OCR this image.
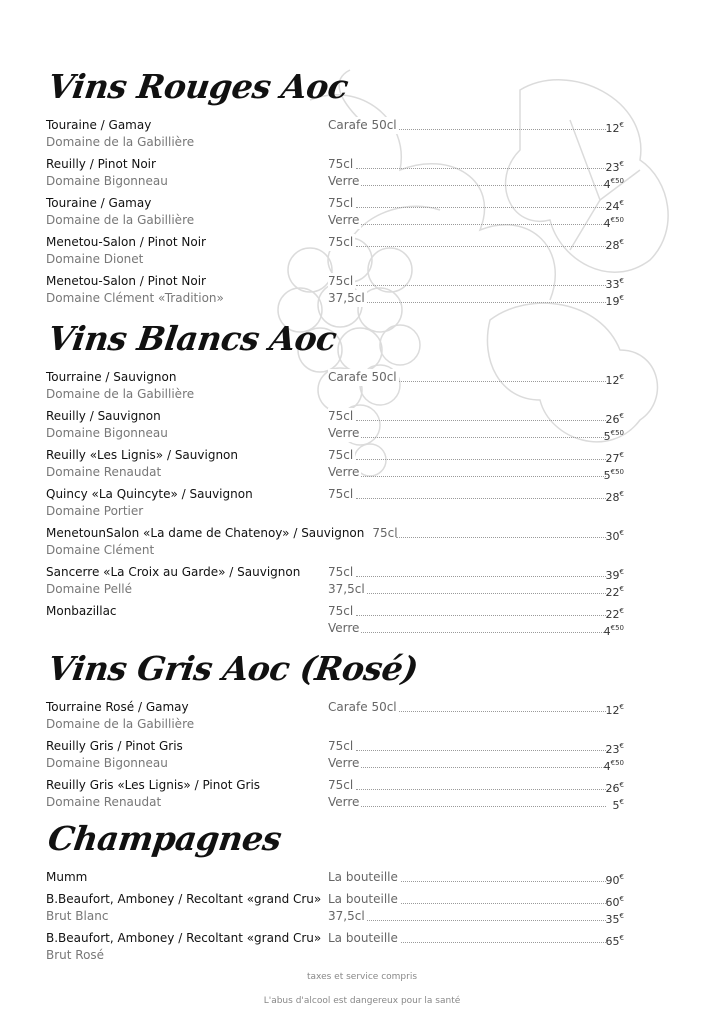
Vins Rouges Aoc
Touraine / Gamay	Carafe 50cl	12€
Domaine de la Gabillière
Reuilly / Pinot Noir	75cl	23€
Domaine Bigonneau	Verre	$4^{€50}$
Touraine / Gamay	75cl	24€
Domaine de la Gabillière	Verre	$4^{€50}$
Menetou-Salon / Pinot Noir	75cl	28€
Domaine Dionet
Menetou-Salon / Pinot Noir	75cl	33€
Domaine Clément «Tradition»	37,5cl	19€
Vins Blancs Aoc
Tourraine / Sauvignon	Carafe 50cl	12€
Domaine de la Gabillière
Reuilly / Sauvignon	75cl	26€
Domaine Bigonneau	Verre	$5^{€50}$
Reuilly «Les Lignis» / Sauvignon	75cl	27€
Domaine Renaudat	Verre	$5^{€50}$
Quincy «La Quincyte» / Sauvignon	75cl	28€
Domaine Portier
MenetounSalon «La dame de Chatenoy» / Sauvignon 75cl	30€
Domaine Clément
Sancerre «La Croix au Garde» / Sauvignon 75cl	39€
Domaine Pellé	37,5cl	22€
Monbazillac	75cl	22€
Verre	$4^{€50}$
Vins Gris Aoc (Rosé)
Tourraine Rosé / Gamay	Carafe 50cl	12€
Domaine de la Gabillière
Reuilly Gris / Pinot Gris	75cl	23€
Domaine Bigonneau	Verre	$4^{€50}$
Reuilly Gris «Les Lignis» / Pinot Gris	75cl	26€
Domaine Renaudat	Verre	5€
Champagnes
Mumm	La bouteille	90€
B.Beaufort, Amboney / Recoltant «grand Cru» La bouteille	60€
Brut Blanc	37,5cl	35€
B.Beaufort, Amboney / Recoltant «grand Cru» La bouteille	65€
Brut Rosé
taxes et service compris
L'abus d'alcool est dangereux pour la santé
